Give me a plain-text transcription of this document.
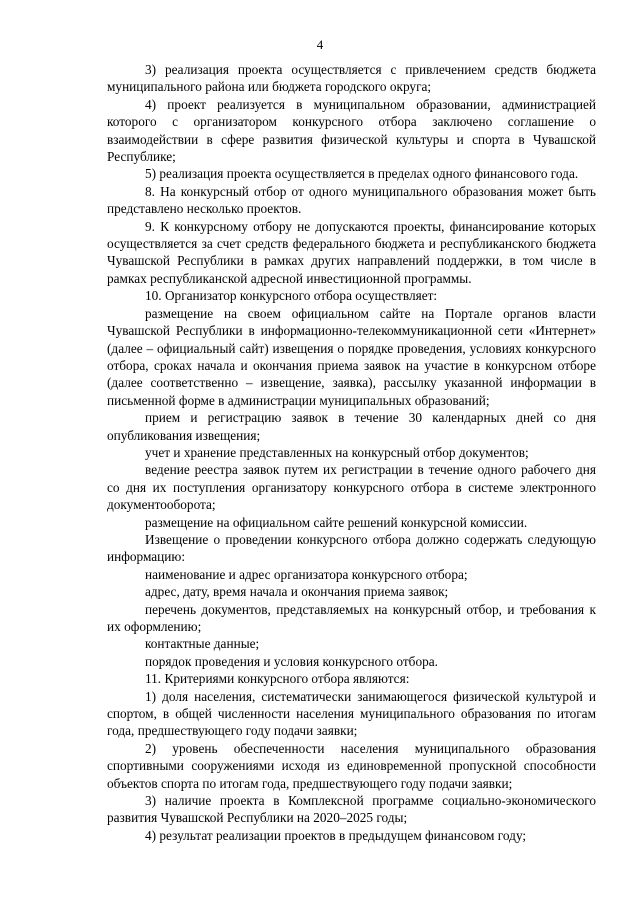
4

3) реализация проекта осуществляется с привлечением средств бюджета муниципального района или бюджета городского округа;

4) проект реализуется в муниципальном образовании, администрацией которого с организатором конкурсного отбора заключено соглашение о взаимодействии в сфере развития физической культуры и спорта в Чувашской Республике;

5) реализация проекта осуществляется в пределах одного финансового года.

8. На конкурсный отбор от одного муниципального образования может быть представлено несколько проектов.

9. К конкурсному отбору не допускаются проекты, финансирование которых осуществляется за счет средств федерального бюджета и республиканского бюджета Чувашской Республики в рамках других направлений поддержки, в том числе в рамках республиканской адресной инвестиционной программы.

10. Организатор конкурсного отбора осуществляет:

размещение на своем официальном сайте на Портале органов власти Чувашской Республики в информационно-телекоммуникационной сети «Интернет» (далее – официальный сайт) извещения о порядке проведения, условиях конкурсного отбора, сроках начала и окончания приема заявок на участие в конкурсном отборе (далее соответственно – извещение, заявка), рассылку указанной информации в письменной форме в администрации муниципальных образований;

прием и регистрацию заявок в течение 30 календарных дней со дня опубликования извещения;

учет и хранение представленных на конкурсный отбор документов;

ведение реестра заявок путем их регистрации в течение одного рабочего дня со дня их поступления организатору конкурсного отбора в системе электронного документооборота;

размещение на официальном сайте решений конкурсной комиссии.

Извещение о проведении конкурсного отбора должно содержать следующую информацию:

наименование и адрес организатора конкурсного отбора;

адрес, дату, время начала и окончания приема заявок;

перечень документов, представляемых на конкурсный отбор, и требования к их оформлению;

контактные данные;

порядок проведения и условия конкурсного отбора.

11. Критериями конкурсного отбора являются:

1) доля населения, систематически занимающегося физической культурой и спортом, в общей численности населения муниципального образования по итогам года, предшествующего году подачи заявки;

2) уровень обеспеченности населения муниципального образования спортивными сооружениями исходя из единовременной пропускной способности объектов спорта по итогам года, предшествующего году подачи заявки;

3) наличие проекта в Комплексной программе социально-экономического развития Чувашской Республики на 2020–2025 годы;

4) результат реализации проектов в предыдущем финансовом году;
